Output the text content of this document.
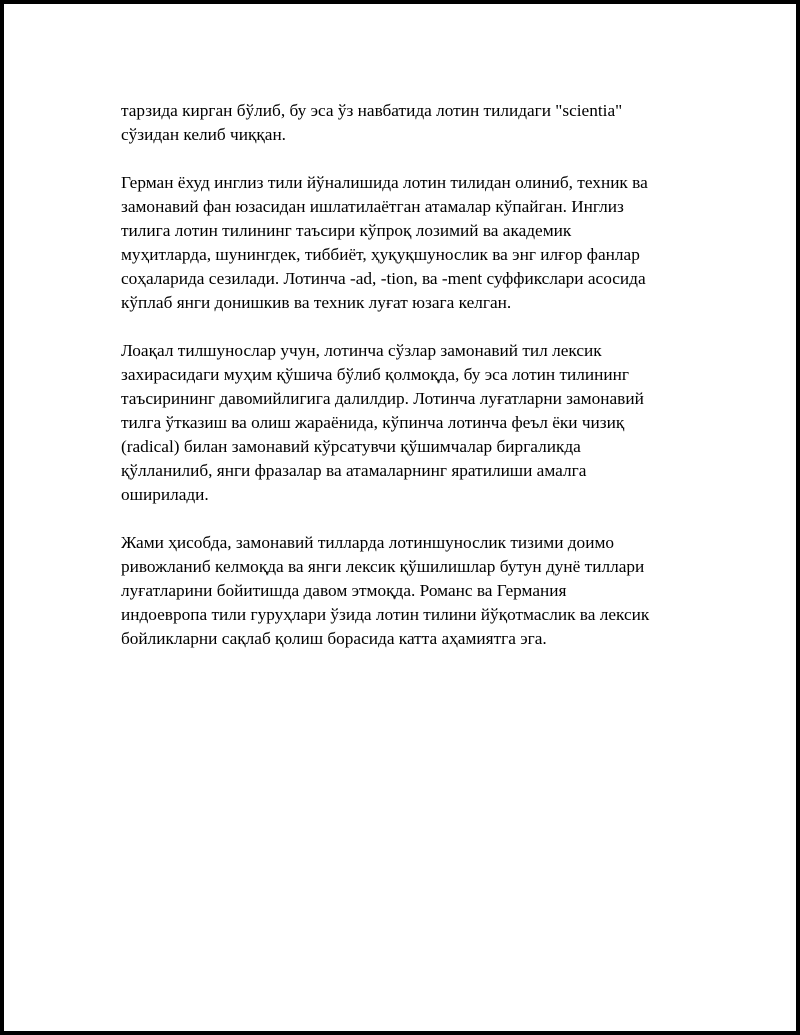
тарзида кирган бўлиб, бу эса ўз навбатида лотин тилидаги "scientia"
сўзидан келиб чиққан.

Герман ёхуд инглиз тили йўналишида лотин тилидан олиниб, техник ва
замонавий фан юзасидан ишлатилаётган атамалар кўпайган. Инглиз
тилига лотин тилининг таъсири кўпроқ лозимий ва академик
муҳитларда, шунингдек, тиббиёт, ҳуқуқшунослик ва энг илғор фанлар
соҳаларида сезилади. Лотинча -ad, -tion, ва -ment суффикслари асосида
кўплаб янги донишкив ва техник луғат юзага келган.

Лоақал тилшунослар учун, лотинча сўзлар замонавий тил лексик
захирасидаги муҳим қўшича бўлиб қолмоқда, бу эса лотин тилининг
таъсирининг давомийлигига далилдир. Лотинча луғатларни замонавий
тилга ўтказиш ва олиш жараёнида, кўпинча лотинча феъл ёки чизиқ
(radical) билан замонавий кўрсатувчи қўшимчалар биргаликда
қўлланилиб, янги фразалар ва атамаларнинг яратилиши амалга
оширилади.

Жами ҳисобда, замонавий тилларда лотиншунослик тизими доимо
ривожланиб келмоқда ва янги лексик қўшилишлар бутун дунё тиллари
луғатларини бойитишда давом этмоқда. Романс ва Германия
индоевропа тили гуруҳлари ўзида лотин тилини йўқотмаслик ва лексик
бойликларни сақлаб қолиш борасида катта аҳамиятга эга.
